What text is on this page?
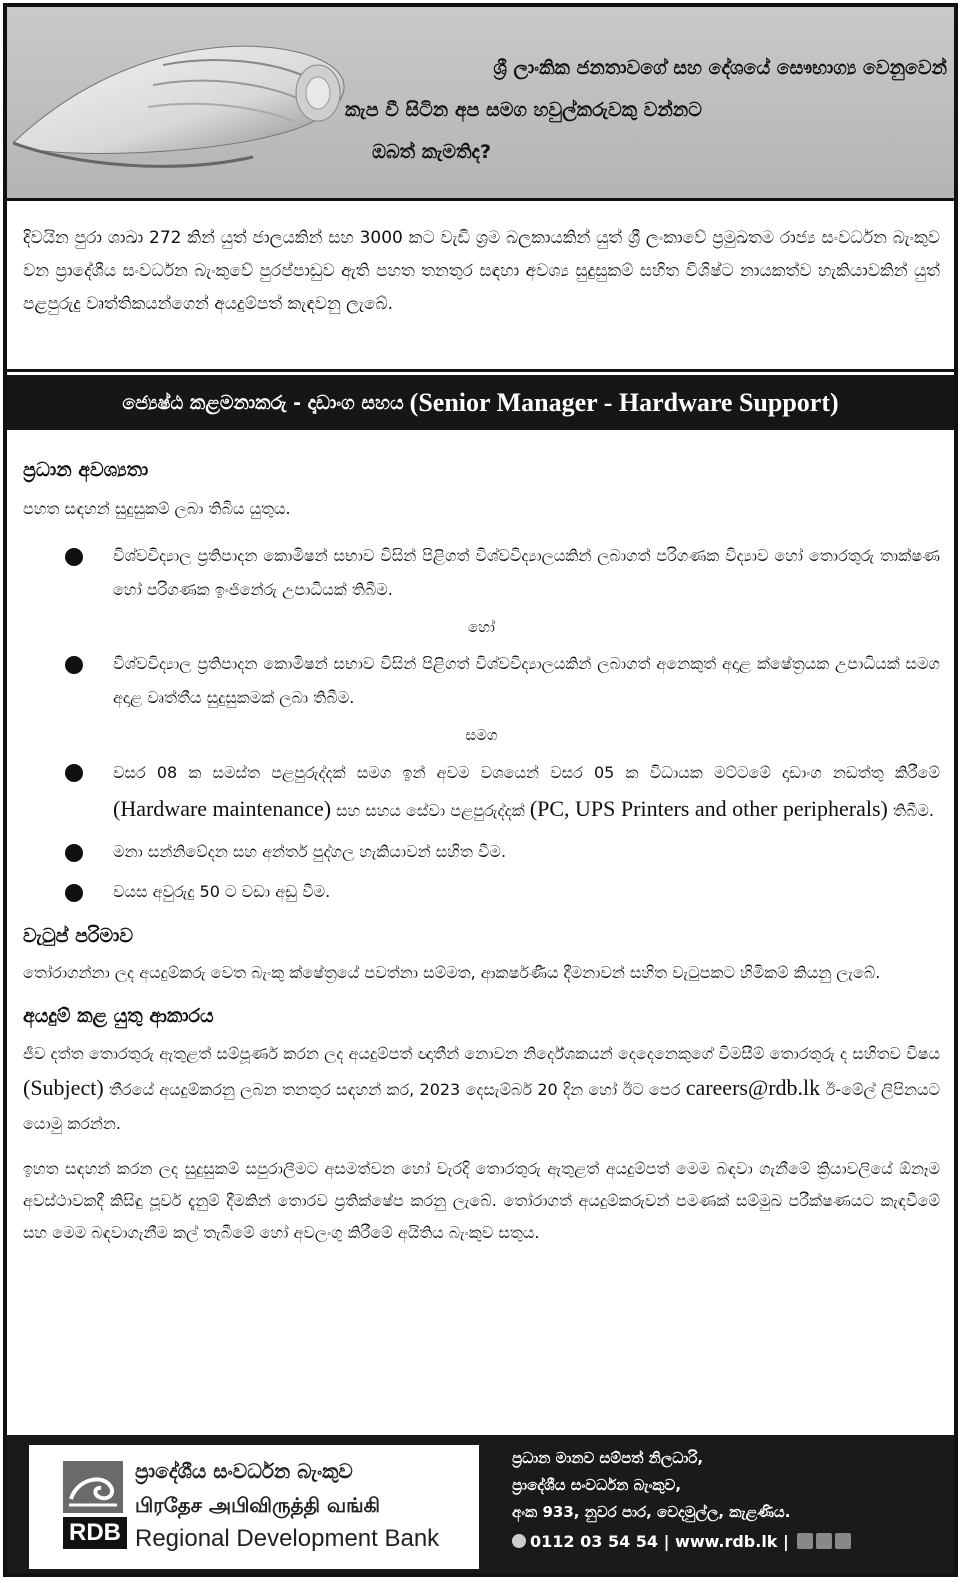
ශ්‍රී ලාංකික ජනතාවගේ සහ දේශයේ සෞභාග්‍ය වෙනුවෙන්
කැප වී සිටින අප සමග හවුල්කරුවකු වන්නට
ඔබත් කැමතිද?
දිවයින පුරා ශාඛා 272 කින් යුත් ජාලයකින් සහ 3000 කට වැඩි ශ්‍රම බලකායකින් යුත් ශ්‍රී ලංකාවේ ප්‍රමුඛතම රාජ්‍ය සංවර්ධන බැංකුව වන ප්‍රාදේශීය සංවර්ධන බැංකුවේ පුරප්පාඩුව ඇති පහත තනතුර සඳහා අවශ්‍ය සුදුසුකම් සහිත විශිෂ්ට නායකත්ව හැකියාවකින් යුත් පළපුරුදු වෘත්තිකයන්ගෙන් අයදුම්පත් කැඳවනු ලැබේ.
ජ්‍යෙෂ්ඨ කළමනාකරු - දෘඩාංග සහය (Senior Manager - Hardware Support)
ප්‍රධාන අවශ්‍යතා
පහත සඳහන් සුදුසුකම් ලබා තිබිය යුතුය.
විශ්වවිද්‍යාල ප්‍රතිපාදන කොමිෂන් සභාව විසින් පිළිගත් විශ්වවිද්‍යාලයකින් ලබාගත් පරිගණක විද්‍යාව හෝ තොරතුරු තාක්ෂණ හෝ පරිගණක ඉංජිනේරු උපාධියක් තිබීම.
හෝ
විශ්වවිද්‍යාල ප්‍රතිපාදන කොමිෂන් සභාව විසින් පිළිගත් විශ්වවිද්‍යාලයකින් ලබාගත් අනෙකුත් අදාළ ක්ෂේත්‍රයක උපාධියක් සමග අදාළ වෘත්තීය සුදුසුකමක් ලබා තිබීම.
සමග
වසර 08 ක සමස්ත පළපුරුද්දක් සමග ඉන් අවම වශයෙන් වසර 05 ක විධායක මට්ටමේ දෘඩාංග නඩත්තු කිරීමේ (Hardware maintenance) සහ සහය සේවා පළපුරුද්දක් (PC, UPS Printers and other peripherals) තිබීම.
මනා සන්නිවේදන සහ අන්තර් පුද්ගල හැකියාවන් සහිත වීම.
වයස අවුරුදු 50 ට වඩා අඩු වීම.
වැටුප් පරිමාව
තෝරාගන්නා ලද අයදුම්කරු වෙත බැංකු ක්ෂේත්‍රයේ පවත්නා සම්මත, ආකර්ෂණීය දීමනාවන් සහිත වැටුපකට හිමිකම් කියනු ලැබේ.
අයදුම් කළ යුතු ආකාරය
ජීව දත්ත තොරතුරු ඇතුළත් සම්පූර්ණ කරන ලද අයදුම්පත් ඥාතීන් නොවන නිර්දේශකයන් දෙදෙනෙකුගේ විමසීම් තොරතුරු ද සහිතව විෂය (Subject) තීරයේ අයදුම්කරනු ලබන තනතුර සඳහන් කර, 2023 දෙසැම්බර් 20 දින හෝ ඊට පෙර careers@rdb.lk ඊ-මේල් ලිපිනයට යොමු කරන්න.
ඉහත සඳහන් කරන ලද සුදුසුකම් සපුරාලීමට අසමත්වන හෝ වැරදි තොරතුරු ඇතුළත් අයදුම්පත් මෙම බඳවා ගැනීමේ ක්‍රියාවලියේ ඕනෑම අවස්ථාවකදී කිසිඳු පූර්ව දැනුම් දීමකින් තොරව ප්‍රතික්ෂේප කරනු ලැබේ. තෝරාගත් අයදුම්කරුවන් පමණක් සම්මුඛ පරීක්ෂණයට කැඳවීමේ සහ මෙම බඳවාගැනීම කල් තැබීමේ හෝ අවලංගු කිරීමේ අයිතිය බැංකුව සතුය.
RDB
ප්‍රාදේශීය සංවර්ධන බැංකුව
பிரதேச அபிவிருத்தி வங்கி
Regional Development Bank
ප්‍රධාන මානව සම්පත් නිලධාරි,
ප්‍රාදේශීය සංවර්ධන බැංකුව,
අංක 933, නුවර පාර, වෙදමුල්ල, කැළණිය.
0112 03 54 54 | www.rdb.lk |
